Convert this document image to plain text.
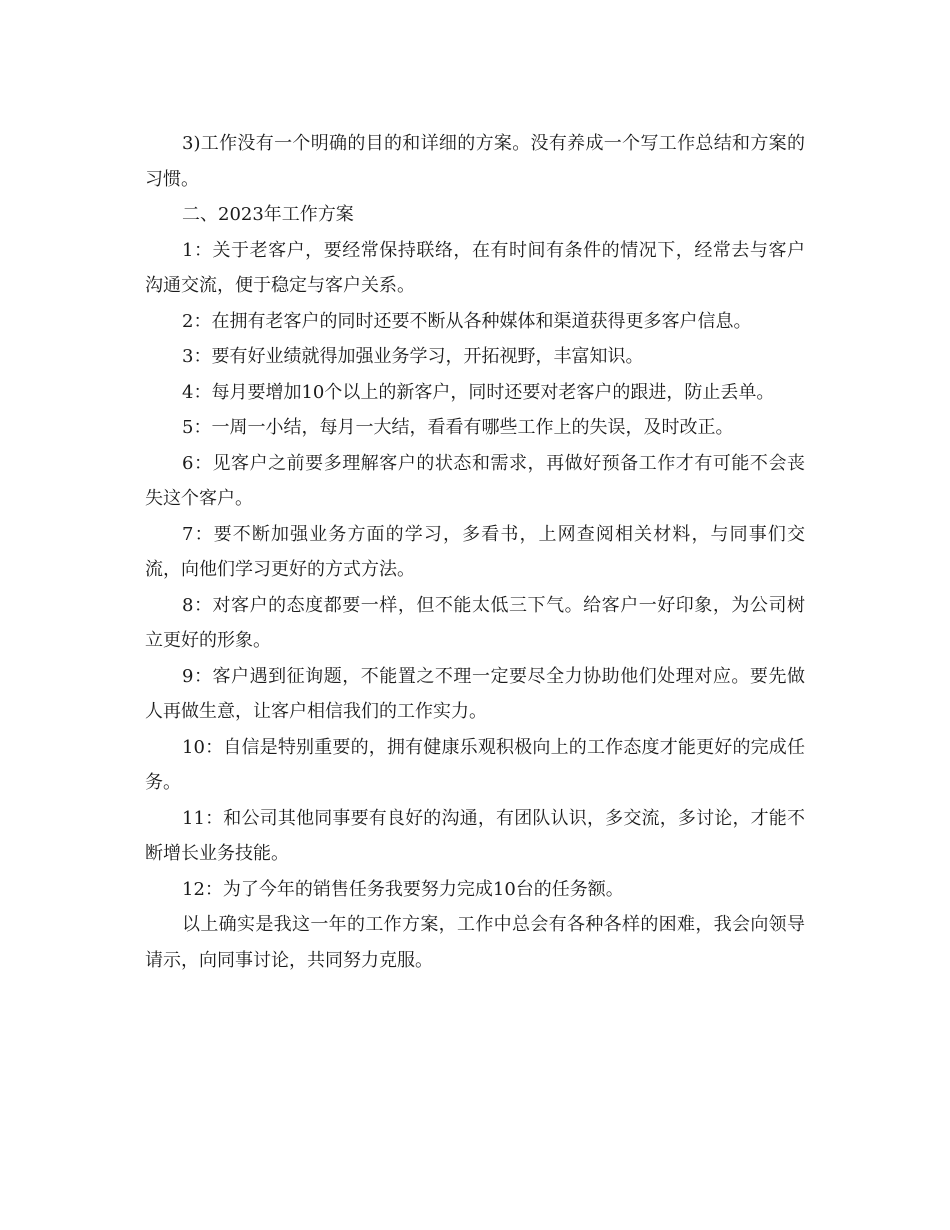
3)工作没有一个明确的目的和详细的方案。没有养成一个写工作总结和方案的习惯。

二、2023年工作方案

1：关于老客户，要经常保持联络，在有时间有条件的情况下，经常去与客户沟通交流，便于稳定与客户关系。

2：在拥有老客户的同时还要不断从各种媒体和渠道获得更多客户信息。

3：要有好业绩就得加强业务学习，开拓视野，丰富知识。

4：每月要增加10个以上的新客户，同时还要对老客户的跟进，防止丢单。

5：一周一小结，每月一大结，看看有哪些工作上的失误，及时改正。

6：见客户之前要多理解客户的状态和需求，再做好预备工作才有可能不会丧失这个客户。

7：要不断加强业务方面的学习，多看书，上网查阅相关材料，与同事们交流，向他们学习更好的方式方法。

8：对客户的态度都要一样，但不能太低三下气。给客户一好印象，为公司树立更好的形象。

9：客户遇到征询题，不能置之不理一定要尽全力协助他们处理对应。要先做人再做生意，让客户相信我们的工作实力。

10：自信是特别重要的，拥有健康乐观积极向上的工作态度才能更好的完成任务。

11：和公司其他同事要有良好的沟通，有团队认识，多交流，多讨论，才能不断增长业务技能。

12：为了今年的销售任务我要努力完成10台的任务额。

以上确实是我这一年的工作方案，工作中总会有各种各样的困难，我会向领导请示，向同事讨论，共同努力克服。
